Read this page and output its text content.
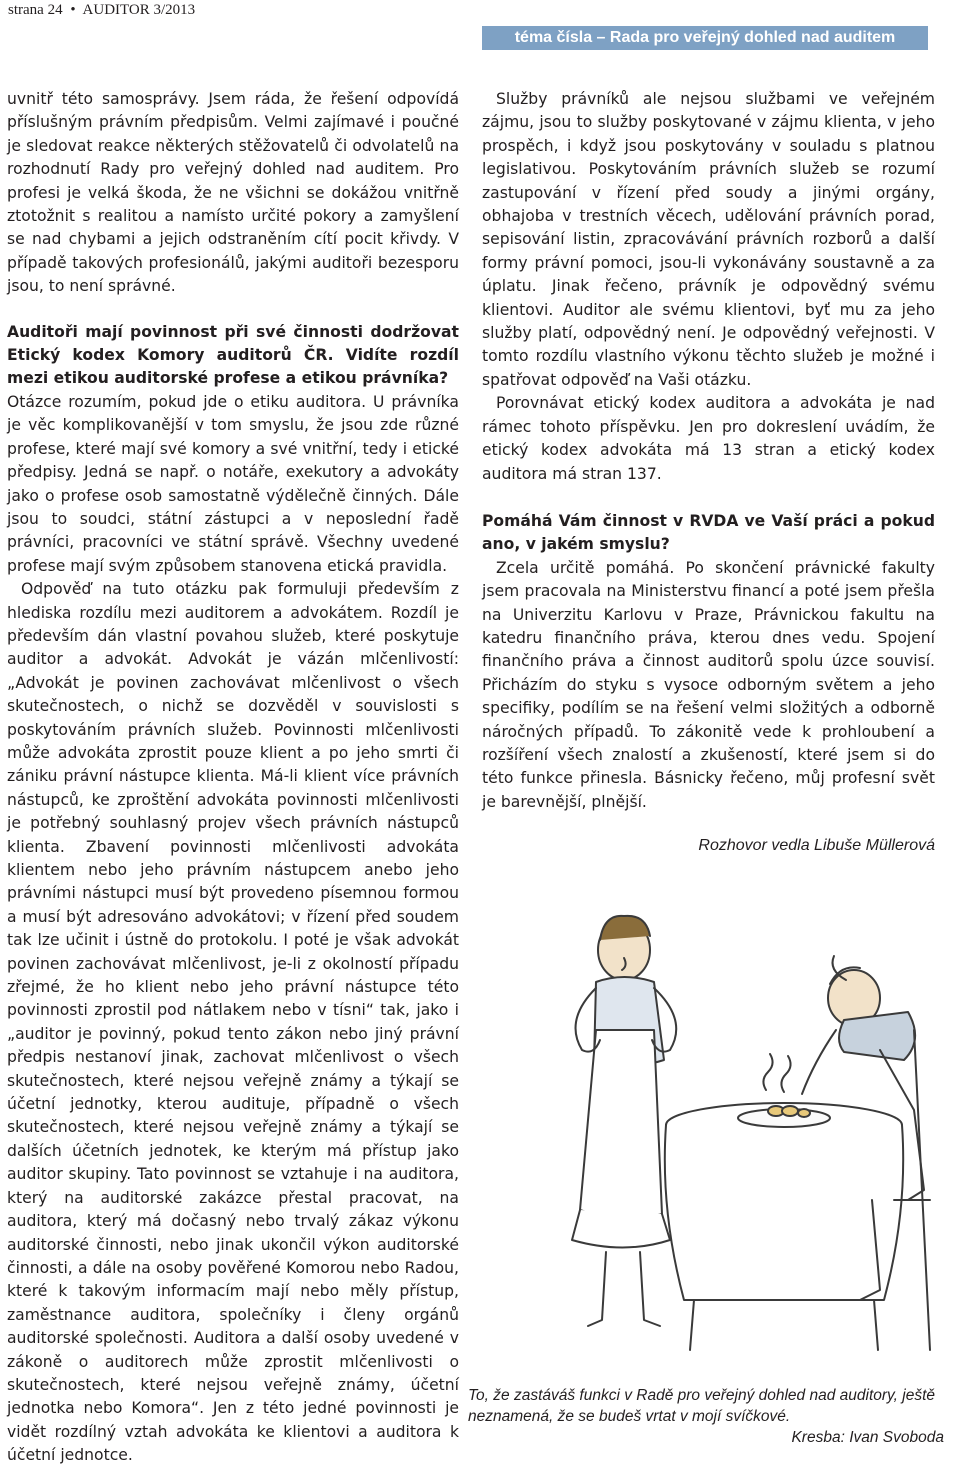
strana 24 • AUDITOR 3/2013
téma čísla – Rada pro veřejný dohled nad auditem

uvnitř této samosprávy. Jsem ráda, že řešení odpovídá příslušným právním předpisům. Velmi zajímavé i poučné je sledovat reakce některých stěžovatelů či odvolatelů na rozhodnutí Rady pro veřejný dohled nad auditem. Pro profesi je velká škoda, že ne všichni se dokážou vnitřně ztotožnit s realitou a namísto určité pokory a zamyšlení se nad chybami a jejich odstraněním cítí pocit křivdy. V případě takových profesionálů, jakými auditoři bezesporu jsou, to není správné.

Auditoři mají povinnost při své činnosti dodržovat Etický kodex Komory auditorů ČR. Vidíte rozdíl mezi etikou auditorské profese a etikou právníka?

Otázce rozumím, pokud jde o etiku auditora. U právníka je věc komplikovanější v tom smyslu, že jsou zde různé profese, které mají své komory a své vnitřní, tedy i etické předpisy. Jedná se např. o notáře, exekutory a advokáty jako o profese osob samostatně výdělečně činných. Dále jsou to soudci, státní zástupci a v neposlední řadě právníci, pracovníci ve státní správě. Všechny uvedené profese mají svým způsobem stanovena etická pravidla.

Odpověď na tuto otázku pak formuluji především z hlediska rozdílu mezi auditorem a advokátem. Rozdíl je především dán vlastní povahou služeb, které poskytuje auditor a advokát. Advokát je vázán mlčenlivostí: „Advokát je povinen zachovávat mlčenlivost o všech skutečnostech, o nichž se dozvěděl v souvislosti s poskytováním právních služeb. Povinnosti mlčenlivosti může advokáta zprostit pouze klient a po jeho smrti či zániku právní nástupce klienta. Má-li klient více právních nástupců, ke zproštění advokáta povinnosti mlčenlivosti je potřebný souhlasný projev všech právních nástupců klienta. Zbavení povinnosti mlčenlivosti advokáta klientem nebo jeho právním nástupcem anebo jeho právními nástupci musí být provedeno písemnou formou a musí být adresováno advokátovi; v řízení před soudem tak lze učinit i ústně do protokolu. I poté je však advokát povinen zachovávat mlčenlivost, je-li z okolností případu zřejmé, že ho klient nebo jeho právní nástupce této povinnosti zprostil pod nátlakem nebo v tísni“ tak, jako i „auditor je povinný, pokud tento zákon nebo jiný právní předpis nestanoví jinak, zachovat mlčenlivost o všech skutečnostech, které nejsou veřejně známy a týkají se účetní jednotky, kterou audituje, případně o všech skutečnostech, které nejsou veřejně známy a týkají se dalších účetních jednotek, ke kterým má přístup jako auditor skupiny. Tato povinnost se vztahuje i na auditora, který na auditorské zakázce přestal pracovat, na auditora, který má dočasný nebo trvalý zákaz výkonu auditorské činnosti, nebo jinak ukončil výkon auditorské činnosti, a dále na osoby pověřené Komorou nebo Radou, které k takovým informacím mají nebo měly přístup, zaměstnance auditora, společníky i členy orgánů auditorské společnosti. Auditora a další osoby uvedené v zákoně o auditorech může zprostit mlčenlivosti o skutečnostech, které nejsou veřejně známy, účetní jednotka nebo Komora“. Jen z této jedné povinnosti je vidět rozdílný vztah advokáta ke klientovi a auditora k účetní jednotce.

Služby právníků ale nejsou službami ve veřejném zájmu, jsou to služby poskytované v zájmu klienta, v jeho prospěch, i když jsou poskytovány v souladu s platnou legislativou. Poskytováním právních služeb se rozumí zastupování v řízení před soudy a jinými orgány, obhajoba v trestních věcech, udělování právních porad, sepisování listin, zpracovávání právních rozborů a další formy právní pomoci, jsou-li vykonávány soustavně a za úplatu. Jinak řečeno, právník je odpovědný svému klientovi. Auditor ale svému klientovi, byť mu za jeho služby platí, odpovědný není. Je odpovědný veřejnosti. V tomto rozdílu vlastního výkonu těchto služeb je možné i spatřovat odpověď na Vaši otázku.

Porovnávat etický kodex auditora a advokáta je nad rámec tohoto příspěvku. Jen pro dokreslení uvádím, že etický kodex advokáta má 13 stran a etický kodex auditora má stran 137.

Pomáhá Vám činnost v RVDA ve Vaší práci a pokud ano, v jakém smyslu?

Zcela určitě pomáhá. Po skončení právnické fakulty jsem pracovala na Ministerstvu financí a poté jsem přešla na Univerzitu Karlovu v Praze, Právnickou fakultu na katedru finančního práva, kterou dnes vedu. Spojení finančního práva a činnost auditorů spolu úzce souvisí. Přicházím do styku s vysoce odborným světem a jeho specifiky, podílím se na řešení velmi složitých a odborně náročných případů. To zákonitě vede k prohloubení a rozšíření všech znalostí a zkušeností, které jsem si do této funkce přinesla. Básnicky řečeno, můj profesní svět je barevnější, plnější.

Rozhovor vedla Libuše Müllerová

To, že zastáváš funkci v Radě pro veřejný dohled nad auditory, ještě neznamená, že se budeš vrtat v mojí svíčkové.
Kresba: Ivan Svoboda
